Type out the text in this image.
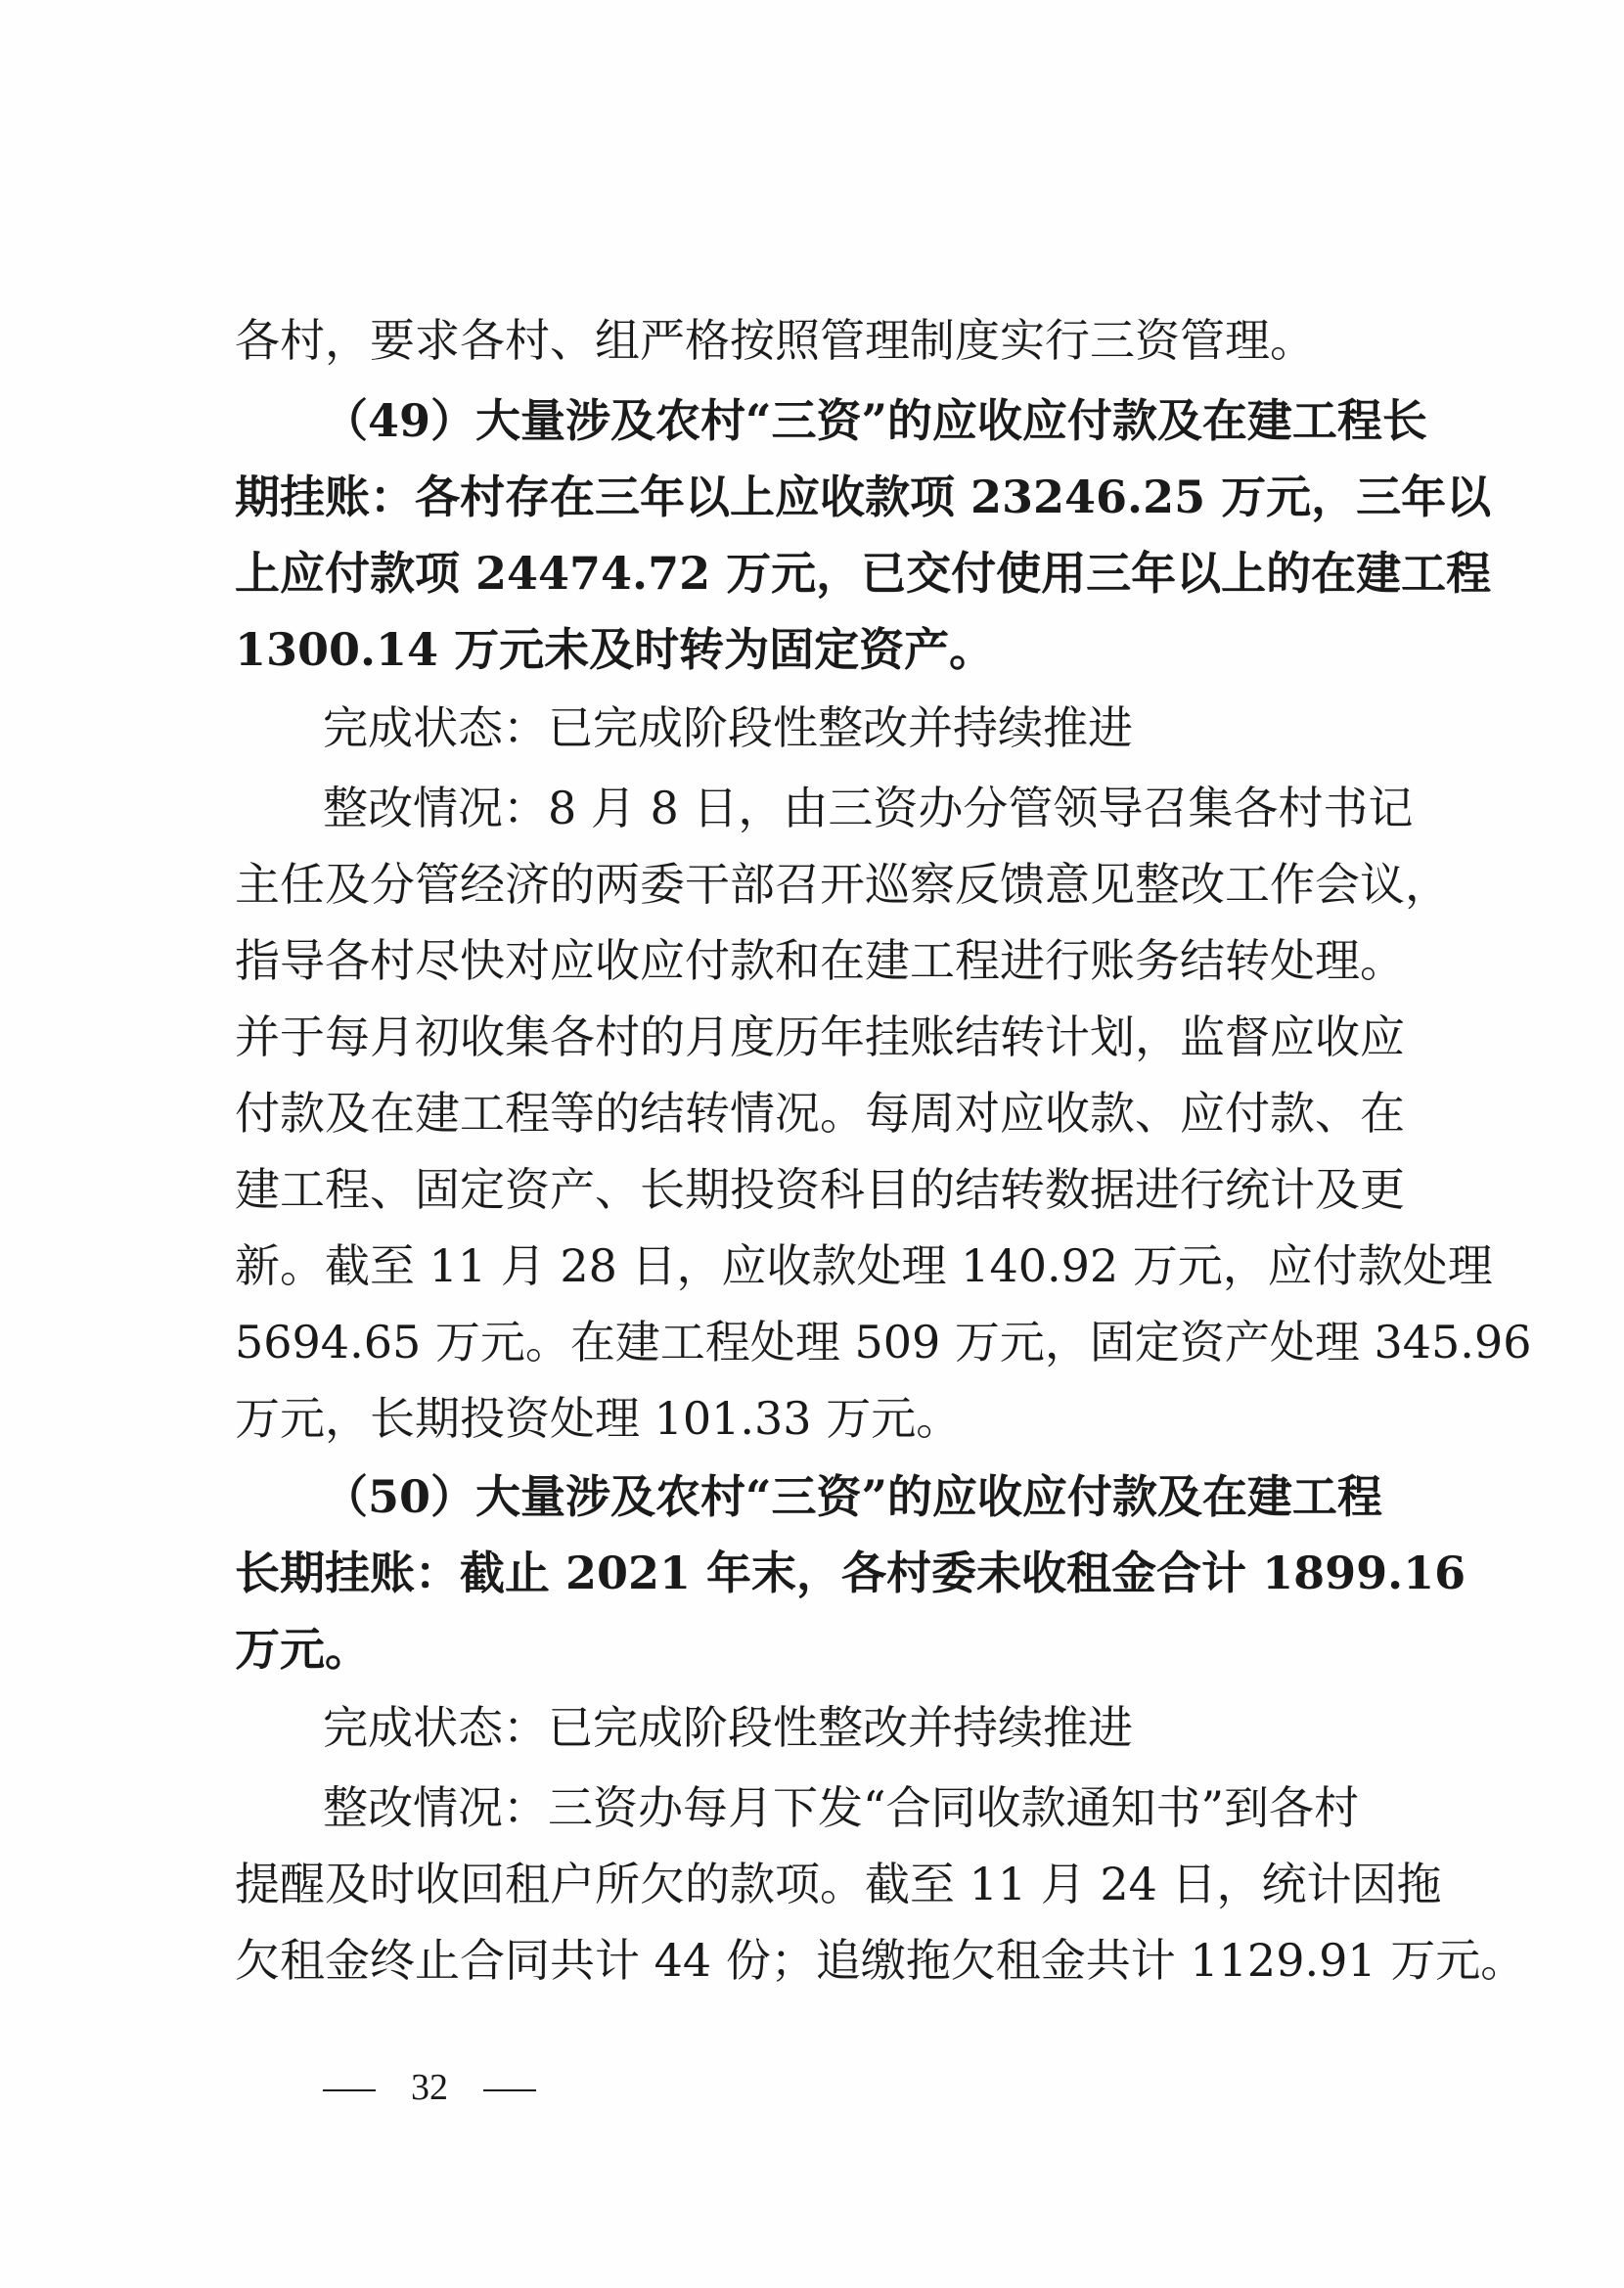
各村，要求各村、组严格按照管理制度实行三资管理。
（49）大量涉及农村“三资”的应收应付款及在建工程长
期挂账：各村存在三年以上应收款项 23246.25 万元，三年以
上应付款项 24474.72 万元，已交付使用三年以上的在建工程
1300.14 万元未及时转为固定资产。
完成状态：已完成阶段性整改并持续推进
整改情况：8 月 8 日，由三资办分管领导召集各村书记
主任及分管经济的两委干部召开巡察反馈意见整改工作会议，
指导各村尽快对应收应付款和在建工程进行账务结转处理。
并于每月初收集各村的月度历年挂账结转计划，监督应收应
付款及在建工程等的结转情况。每周对应收款、应付款、在
建工程、固定资产、长期投资科目的结转数据进行统计及更
新。截至 11 月 28 日，应收款处理 140.92 万元，应付款处理
5694.65 万元。在建工程处理 509 万元，固定资产处理 345.96
万元，长期投资处理 101.33 万元。
（50）大量涉及农村“三资”的应收应付款及在建工程
长期挂账：截止 2021 年末，各村委未收租金合计 1899.16
万元。
完成状态：已完成阶段性整改并持续推进
整改情况：三资办每月下发“合同收款通知书”到各村
提醒及时收回租户所欠的款项。截至 11 月 24 日，统计因拖
欠租金终止合同共计 44 份；追缴拖欠租金共计 1129.91 万元。
32
